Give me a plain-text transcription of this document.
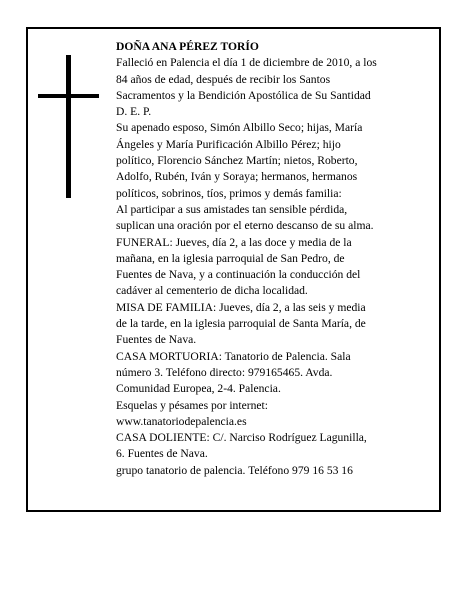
DOÑA ANA PÉREZ TORÍO
Falleció en Palencia el día 1 de diciembre de 2010, a los
84 años de edad, después de recibir los Santos
Sacramentos y la Bendición Apostólica de Su Santidad
D. E. P.
Su apenado esposo, Simón Albillo Seco; hijas, María
Ángeles y María Purificación Albillo Pérez; hijo
político, Florencio Sánchez Martín; nietos, Roberto,
Adolfo, Rubén, Iván y Soraya; hermanos, hermanos
políticos, sobrinos, tíos, primos y demás familia:
Al participar a sus amistades tan sensible pérdida,
suplican una oración por el eterno descanso de su alma.
FUNERAL: Jueves, día 2, a las doce y media de la
mañana, en la iglesia parroquial de San Pedro, de
Fuentes de Nava, y a continuación la conducción del
cadáver al cementerio de dicha localidad.
MISA DE FAMILIA: Jueves, día 2, a las seis y media
de la tarde, en la iglesia parroquial de Santa María, de
Fuentes de Nava.
CASA MORTUORIA: Tanatorio de Palencia. Sala
número 3. Teléfono directo: 979165465. Avda.
Comunidad Europea, 2-4. Palencia.
Esquelas y pésames por internet:
www.tanatoriodepalencia.es
CASA DOLIENTE: C/. Narciso Rodríguez Lagunilla,
6. Fuentes de Nava.
grupo tanatorio de palencia. Teléfono 979 16 53 16
